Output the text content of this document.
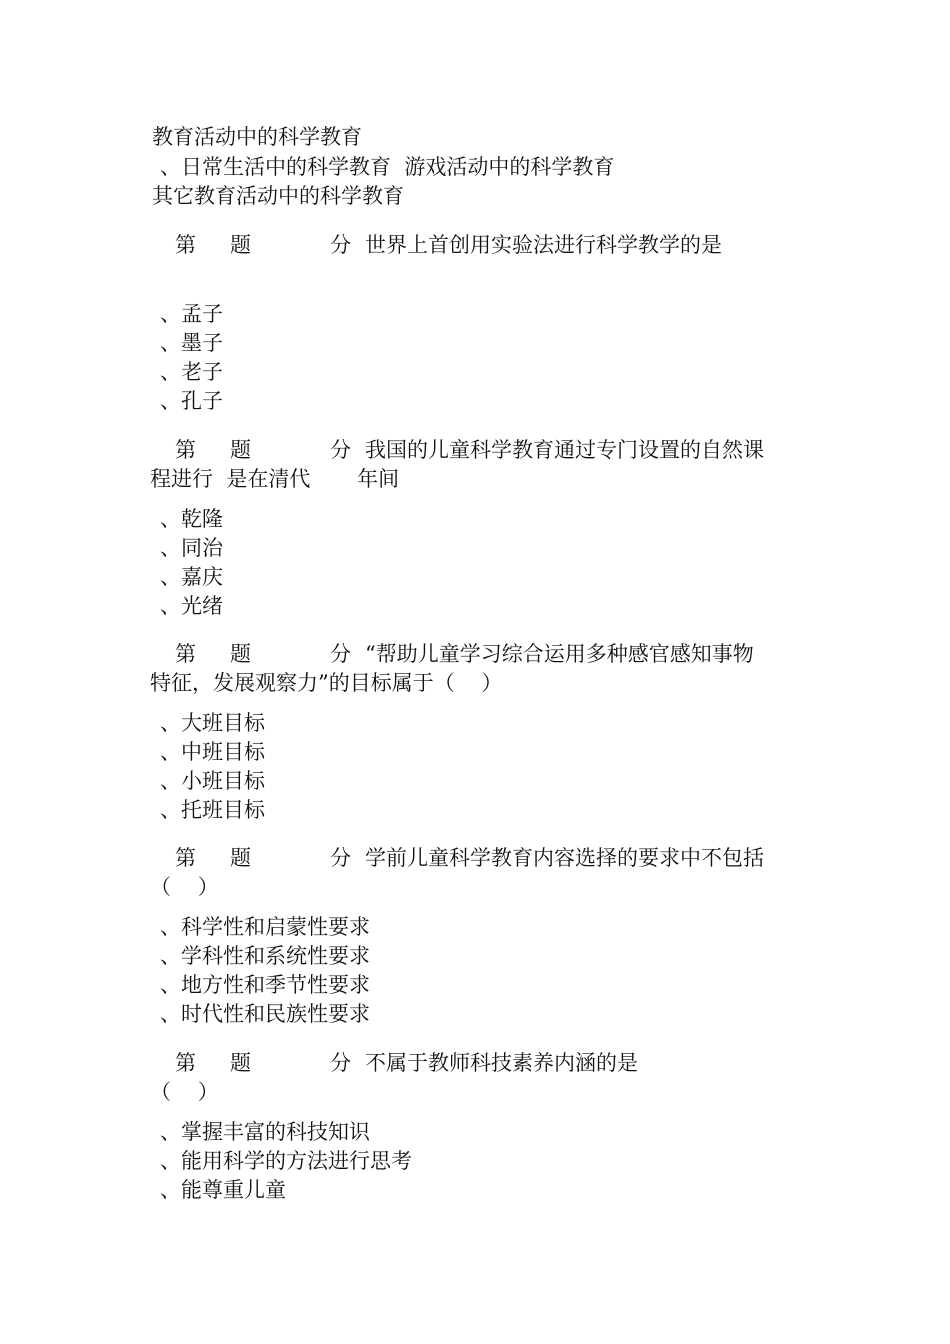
教育活动中的科学教育
、日常生活中的科学教育  游戏活动中的科学教育
其它教育活动中的科学教育
第 题	分 世界上首创用实验法进行科学教学的是
、孟子
、墨子
、老子
、孔子
第 题	分 我国的儿童科学教育通过专门设置的自然课
程进行  是在清代       年间
、乾隆
、同治
、嘉庆
、光绪
第 题	分 “帮助儿童学习综合运用多种感官感知事物
特征，发展观察力”的目标属于（    ）
、大班目标
、中班目标
、小班目标
、托班目标
第 题	分 学前儿童科学教育内容选择的要求中不包括
（    ）
、科学性和启蒙性要求
、学科性和系统性要求
、地方性和季节性要求
、时代性和民族性要求
第 题	分 不属于教师科技素养内涵的是
（    ）
、掌握丰富的科技知识
、能用科学的方法进行思考
、能尊重儿童
